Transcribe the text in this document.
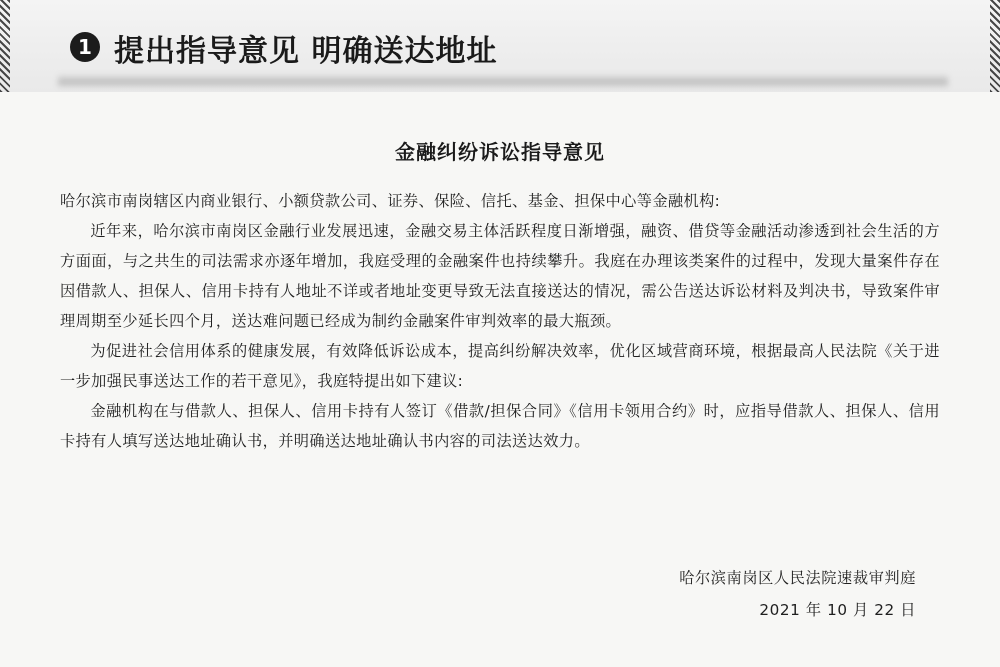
1 提出指导意见 明确送达地址
金融纠纷诉讼指导意见

哈尔滨市南岗辖区内商业银行、小额贷款公司、证券、保险、信托、基金、担保中心等金融机构:

近年来，哈尔滨市南岗区金融行业发展迅速，金融交易主体活跃程度日渐增强，融资、借贷等金融活动渗透到社会生活的方方面面，与之共生的司法需求亦逐年增加，我庭受理的金融案件也持续攀升。我庭在办理该类案件的过程中，发现大量案件存在因借款人、担保人、信用卡持有人地址不详或者地址变更导致无法直接送达的情况，需公告送达诉讼材料及判决书，导致案件审理周期至少延长四个月，送达难问题已经成为制约金融案件审判效率的最大瓶颈。

为促进社会信用体系的健康发展，有效降低诉讼成本，提高纠纷解决效率，优化区域营商环境，根据最高人民法院《关于进一步加强民事送达工作的若干意见》，我庭特提出如下建议:

金融机构在与借款人、担保人、信用卡持有人签订《借款/担保合同》《信用卡领用合约》时，应指导借款人、担保人、信用卡持有人填写送达地址确认书，并明确送达地址确认书内容的司法送达效力。

哈尔滨南岗区人民法院速裁审判庭
2021 年 10 月 22 日
